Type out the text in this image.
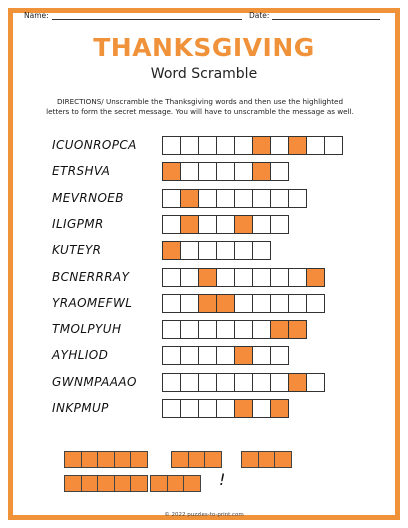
Name:	Date:
THANKSGIVING
Word Scramble
DIRECTIONS/ Unscramble the Thanksgiving words and then use the highlighted
letters to form the secret message. You will have to unscramble the message as well.
ICUONROPCA
ETRSHVA
MEVRNOEB
ILIGPMR
KUTEYR
BCNERRRAY
YRAOMEFWL
TMOLPYUH
AYHLIOD
GWNMPAAAO
INKPMUP
!
© 2022 puzzles-to-print.com
